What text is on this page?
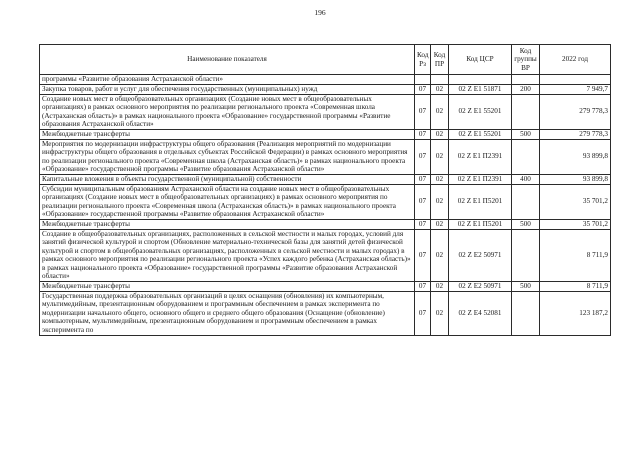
196
Наименование показателя	Код Рз	Код ПР	Код ЦСР	Код группы ВР	2022 год
программы «Развитие образования Астраханской области»					
Закупка товаров, работ и услуг для обеспечения государственных (муниципальных) нужд	07	02	02 Z E1 51871	200	7 949,7
Создание новых мест в общеобразовательных организациях (Создание новых мест в общеобразовательных организациях) в рамках основного мероприятия по реализации регионального проекта «Современная школа (Астраханская область)» в рамках национального проекта «Образование» государственной программы «Развитие образования Астраханской области»	07	02	02 Z E1 55201		279 778,3
Межбюджетные трансферты	07	02	02 Z E1 55201	500	279 778,3
Мероприятия по модернизации инфраструктуры общего образования (Реализация мероприятий по модернизации инфраструктуры общего образования в отдельных субъектах Российской Федерации) в рамках основного мероприятия по реализации регионального проекта «Современная школа (Астраханская область)» в рамках национального проекта «Образование» государственной программы «Развитие образования Астраханской области»	07	02	02 Z E1 П2391		93 899,8
Капитальные вложения в объекты государственной (муниципальной) собственности	07	02	02 Z E1 П2391	400	93 899,8
Субсидии муниципальным образованиям Астраханской области на создание новых мест в общеобразовательных организациях (Создание новых мест в общеобразовательных организациях) в рамках основного мероприятия по реализации регионального проекта «Современная школа (Астраханская область)» в рамках национального проекта «Образование» государственной программы «Развитие образования Астраханской области»	07	02	02 Z E1 П5201		35 701,2
Межбюджетные трансферты	07	02	02 Z E1 П5201	500	35 701,2
Создание в общеобразовательных организациях, расположенных в сельской местности и малых городах, условий для занятий физической культурой и спортом (Обновление материально-технической базы для занятий детей физической культурой и спортом в общеобразовательных организациях, расположенных в сельской местности и малых городах) в рамках основного мероприятия по реализации регионального проекта «Успех каждого ребенка (Астраханская область)» в рамках национального проекта «Образование» государственной программы «Развитие образования Астраханской области»	07	02	02 Z E2 50971		8 711,9
Межбюджетные трансферты	07	02	02 Z E2 50971	500	8 711,9
Государственная поддержка образовательных организаций в целях оснащения (обновления) их компьютерным, мультимедийным, презентационным оборудованием и программным обеспечением в рамках эксперимента по модернизации начального общего, основного общего и среднего общего образования (Оснащение (обновление) компьютерным, мультимедийным, презентационным оборудованием и программным обеспечением в рамках эксперимента по	07	02	02 Z E4 52081		123 187,2
